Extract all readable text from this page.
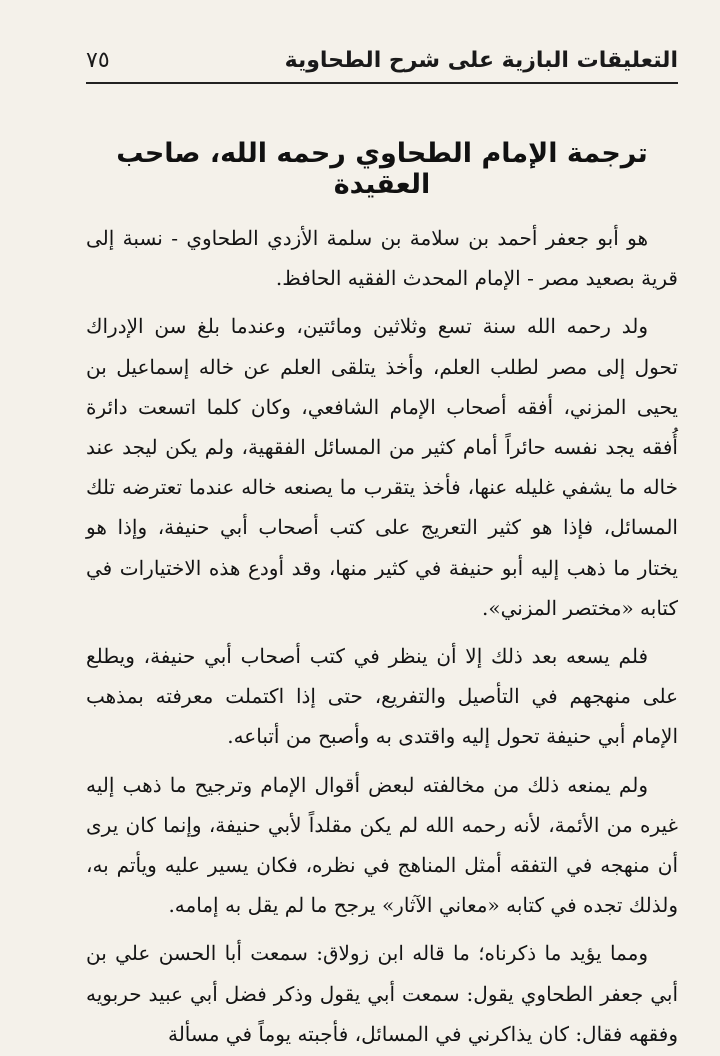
التعليقات البازية على شرح الطحاوية
٧٥
ترجمة الإمام الطحاوي رحمه الله، صاحب العقيدة

هو أبو جعفر أحمد بن سلامة بن سلمة الأزدي الطحاوي - نسبة إلى قرية بصعيد مصر - الإمام المحدث الفقيه الحافظ.

ولد رحمه الله سنة تسع وثلاثين ومائتين، وعندما بلغ سن الإدراك تحول إلى مصر لطلب العلم، وأخذ يتلقى العلم عن خاله إسماعيل بن يحيى المزني، أفقه أصحاب الإمام الشافعي، وكان كلما اتسعت دائرة أُفقه يجد نفسه حائراً أمام كثير من المسائل الفقهية، ولم يكن ليجد عند خاله ما يشفي غليله عنها، فأخذ يتقرب ما يصنعه خاله عندما تعترضه تلك المسائل، فإذا هو كثير التعريج على كتب أصحاب أبي حنيفة، وإذا هو يختار ما ذهب إليه أبو حنيفة في كثير منها، وقد أودع هذه الاختيارات في كتابه «مختصر المزني».

فلم يسعه بعد ذلك إلا أن ينظر في كتب أصحاب أبي حنيفة، ويطلع على منهجهم في التأصيل والتفريع، حتى إذا اكتملت معرفته بمذهب الإمام أبي حنيفة تحول إليه واقتدى به وأصبح من أتباعه.

ولم يمنعه ذلك من مخالفته لبعض أقوال الإمام وترجيح ما ذهب إليه غيره من الأئمة، لأنه رحمه الله لم يكن مقلداً لأبي حنيفة، وإنما كان يرى أن منهجه في التفقه أمثل المناهج في نظره، فكان يسير عليه ويأتم به، ولذلك تجده في كتابه «معاني الآثار» يرجح ما لم يقل به إمامه.

ومما يؤيد ما ذكرناه؛ ما قاله ابن زولاق: سمعت أبا الحسن علي بن أبي جعفر الطحاوي يقول: سمعت أبي يقول وذكر فضل أبي عبيد حربويه وفقهه فقال: كان يذاكرني في المسائل، فأجبته يوماً في مسألة
